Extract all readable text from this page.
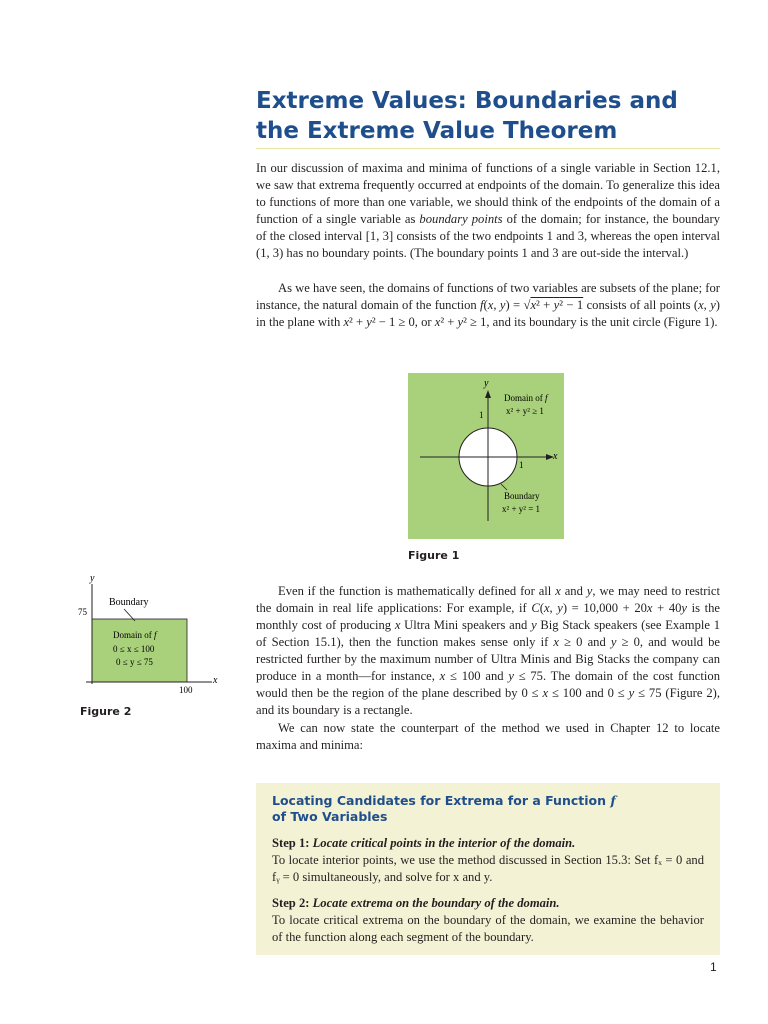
Extreme Values: Boundaries and the Extreme Value Theorem

In our discussion of maxima and minima of functions of a single variable in Section 12.1, we saw that extrema frequently occurred at endpoints of the domain. To generalize this idea to functions of more than one variable, we should think of the endpoints of the domain of a function of a single variable as boundary points of the domain; for instance, the boundary of the closed interval [1, 3] consists of the two endpoints 1 and 3, whereas the open interval (1, 3) has no boundary points. (The boundary points 1 and 3 are out-side the interval.)

As we have seen, the domains of functions of two variables are subsets of the plane; for instance, the natural domain of the function f(x, y) = √x² + y² − 1 consists of all points (x, y) in the plane with x² + y² − 1 ≥ 0, or x² + y² ≥ 1, and its boundary is the unit circle (Figure 1).

y
x
1
1
Domain of f
x² + y² ≥ 1
Boundary
x² + y² = 1
Figure 1
y
x
75
100
Boundary
Domain of f
0 ≤ x ≤ 100
0 ≤ y ≤ 75
Figure 2

Even if the function is mathematically defined for all x and y, we may need to restrict the domain in real life applications: For example, if C(x, y) = 10,000 + 20x + 40y is the monthly cost of producing x Ultra Mini speakers and y Big Stack speakers (see Example 1 of Section 15.1), then the function makes sense only if x ≥ 0 and y ≥ 0, and would be restricted further by the maximum number of Ultra Minis and Big Stacks the company can produce in a month—for instance, x ≤ 100 and y ≤ 75. The domain of the cost function would then be the region of the plane described by 0 ≤ x ≤ 100 and 0 ≤ y ≤ 75 (Figure 2), and its boundary is a rectangle.

We can now state the counterpart of the method we used in Chapter 12 to locate maxima and minima:

Locating Candidates for Extrema for a Function f
of Two Variables

Step 1: Locate critical points in the interior of the domain.
To locate interior points, we use the method discussed in Section 15.3: Set fₓ = 0 and fᵧ = 0 simultaneously, and solve for x and y.

Step 2: Locate extrema on the boundary of the domain.
To locate critical extrema on the boundary of the domain, we examine the behavior of the function along each segment of the boundary.

1
